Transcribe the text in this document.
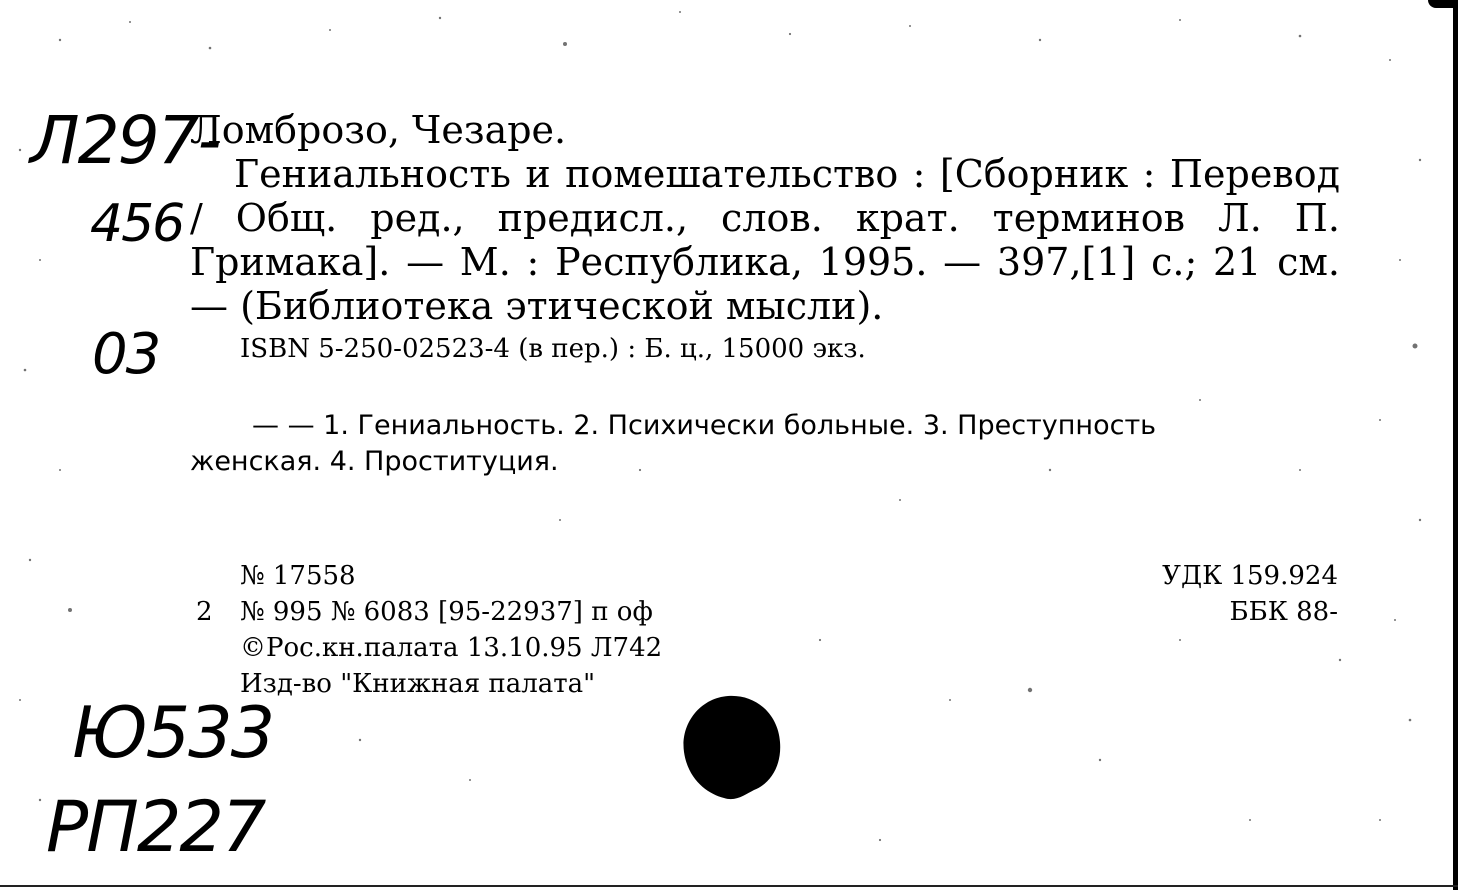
Л297-
456
03
Ю533
РП227
Ломброзо, Чезаре.
Гениальность и помешательство : [Сборник : Перевод / Общ. ред., предисл., слов. крат. терминов Л. П. Гримака]. — М. : Республика, 1995. — 397,[1] с.; 21 см. — (Библиотека этической мысли).
ISBN 5-250-02523-4 (в пер.) : Б. ц., 15000 экз.
— — 1. Гениальность. 2. Психически больные. 3. Преступность
женская. 4. Проституция.
2
№ 17558
№ 995 № 6083 [95-22937] п оф
©Рос.кн.палата 13.10.95 Л742
Изд-во "Книжная палата"
УДК 159.924
ББК 88-
